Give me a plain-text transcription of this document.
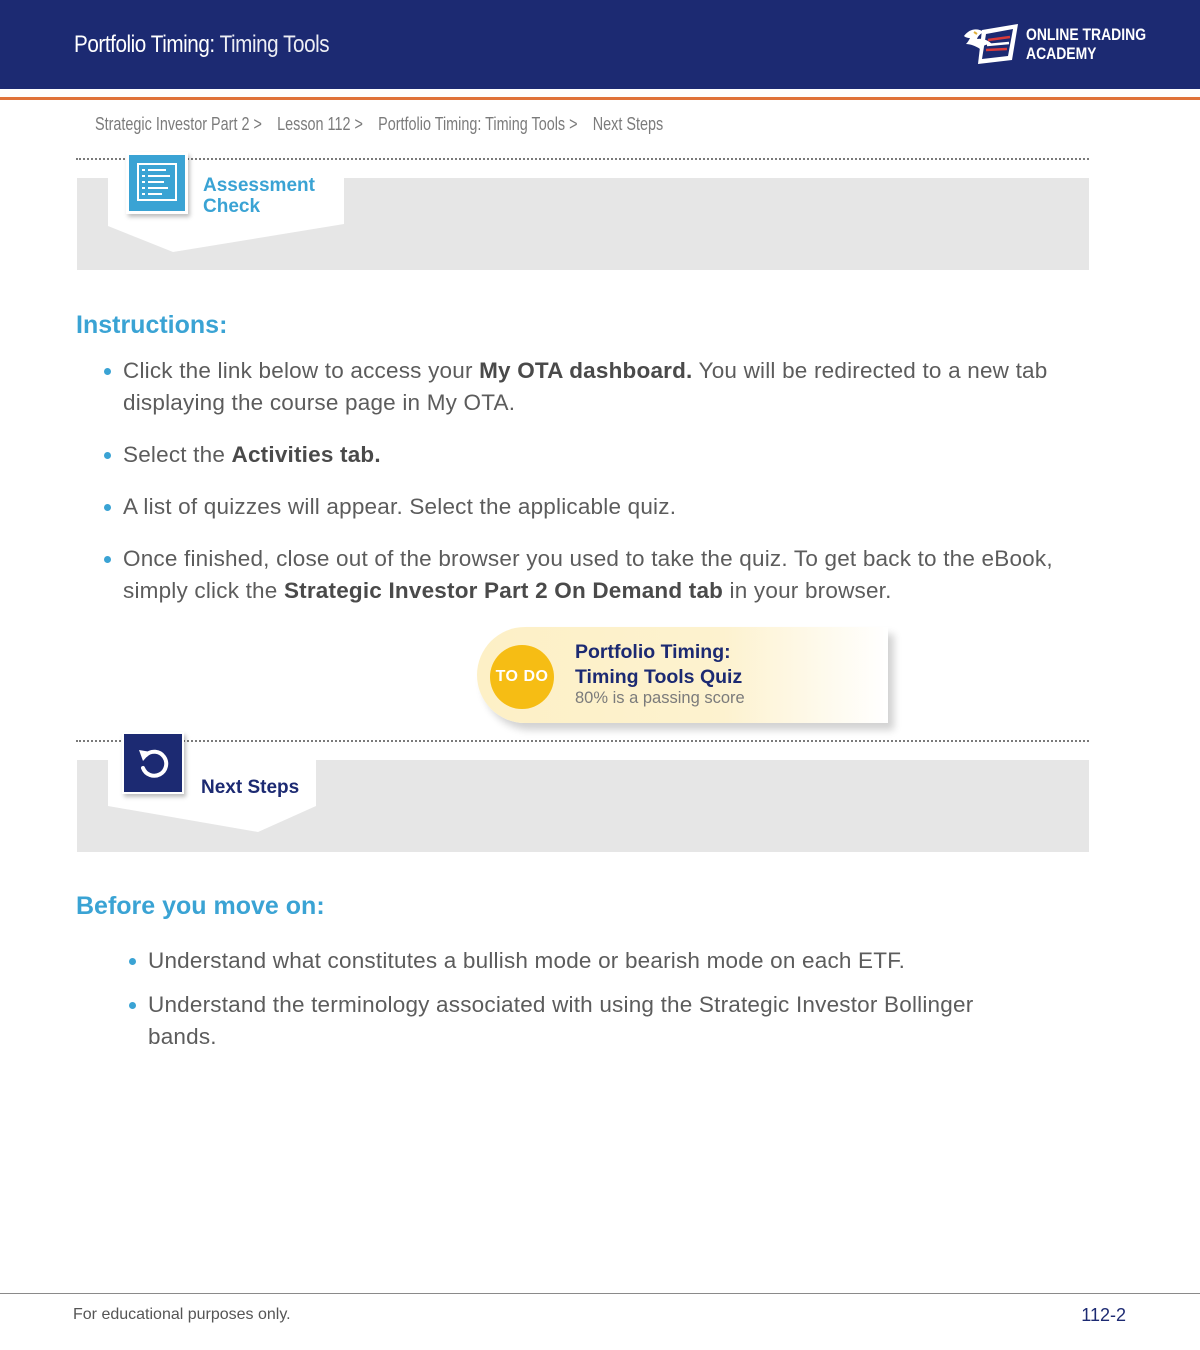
Portfolio Timing: Timing Tools	ONLINE TRADING
ACADEMY
Strategic Investor Part 2 > Lesson 112 > Portfolio Timing: Timing Tools > Next Steps
Assessment
Check
Instructions:
Click the link below to access your My OTA dashboard. You will be redirected to a new tab displaying the course page in My OTA.
Select the Activities tab.
A list of quizzes will appear. Select the applicable quiz.
Once finished, close out of the browser you used to take the quiz. To get back to the eBook, simply click the Strategic Investor Part 2 On Demand tab in your browser.
TO DO
Portfolio Timing:
Timing Tools Quiz
80% is a passing score
Next Steps
Before you move on:
Understand what constitutes a bullish mode or bearish mode on each ETF.
Understand the terminology associated with using the Strategic Investor Bollinger bands.
For educational purposes only.	112-2
